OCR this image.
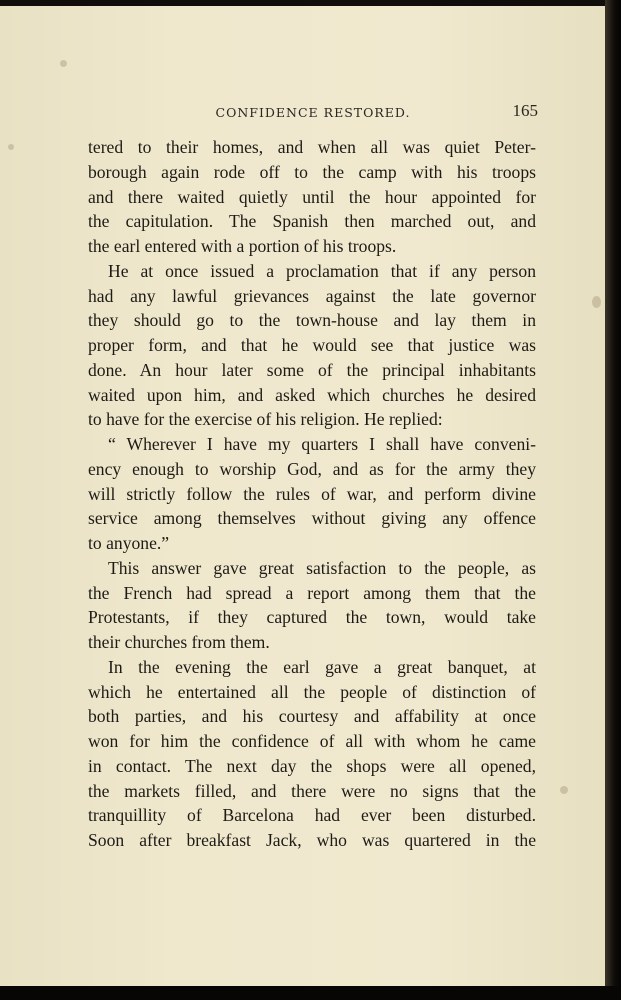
CONFIDENCE RESTORED.	165
tered to their homes, and when all was quiet Peter-
borough again rode off to the camp with his troops
and there waited quietly until the hour appointed for
the capitulation. The Spanish then marched out, and
the earl entered with a portion of his troops.
He at once issued a proclamation that if any person
had any lawful grievances against the late governor
they should go to the town-house and lay them in
proper form, and that he would see that justice was
done. An hour later some of the principal inhabitants
waited upon him, and asked which churches he desired
to have for the exercise of his religion. He replied:
“ Wherever I have my quarters I shall have conveni-
ency enough to worship God, and as for the army they
will strictly follow the rules of war, and perform divine
service among themselves without giving any offence
to anyone.”
This answer gave great satisfaction to the people, as
the French had spread a report among them that the
Protestants, if they captured the town, would take
their churches from them.
In the evening the earl gave a great banquet, at
which he entertained all the people of distinction of
both parties, and his courtesy and affability at once
won for him the confidence of all with whom he came
in contact. The next day the shops were all opened,
the markets filled, and there were no signs that the
tranquillity of Barcelona had ever been disturbed.
Soon after breakfast Jack, who was quartered in the
